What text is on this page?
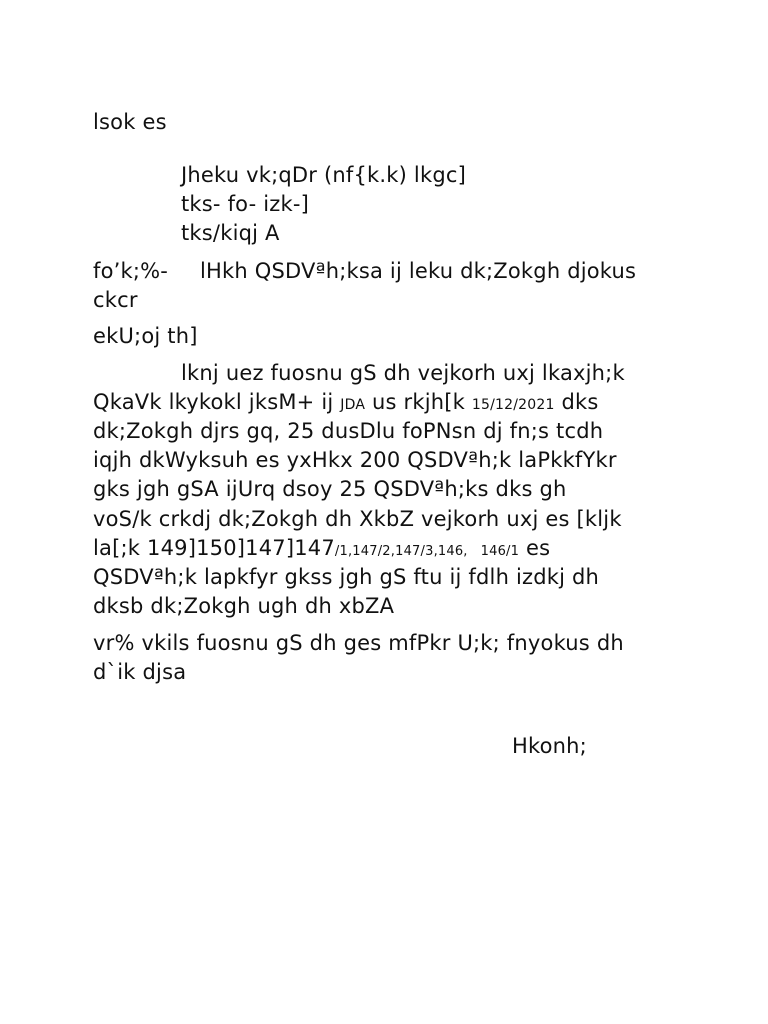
lsok es
Jheku vk;qDr (nf{k.k) lkgc]
tks- fo- izk-]
tks/kiqj A
fo’k;%- lHkh QSDVªh;ksa ij leku dk;Zokgh djokus
ckcr
ekU;oj th]
lknj uez fuosnu gS dh vejkorh uxj lkaxjh;k
QkaVk lkykokl jksM+ ij JDA us rkjh[k 15/12/2021 dks
dk;Zokgh djrs gq, 25 dusDlu foPNsn dj fn;s tcdh
iqjh dkWyksuh es yxHkx 200 QSDVªh;k laPkkfYkr
gks jgh gSA ijUrq dsoy 25 QSDVªh;ks dks gh
voS/k crkdj dk;Zokgh dh XkbZ vejkorh uxj es [kljk
la[;k 149]150]147]147/1,147/2,147/3,146,   146/1 es
QSDVªh;k lapkfyr gkss jgh gS ftu ij fdlh izdkj dh
dksb dk;Zokgh ugh dh xbZA
vr% vkils fuosnu gS dh ges mfPkr U;k; fnyokus dh
d`ik djsa
Hkonh;
